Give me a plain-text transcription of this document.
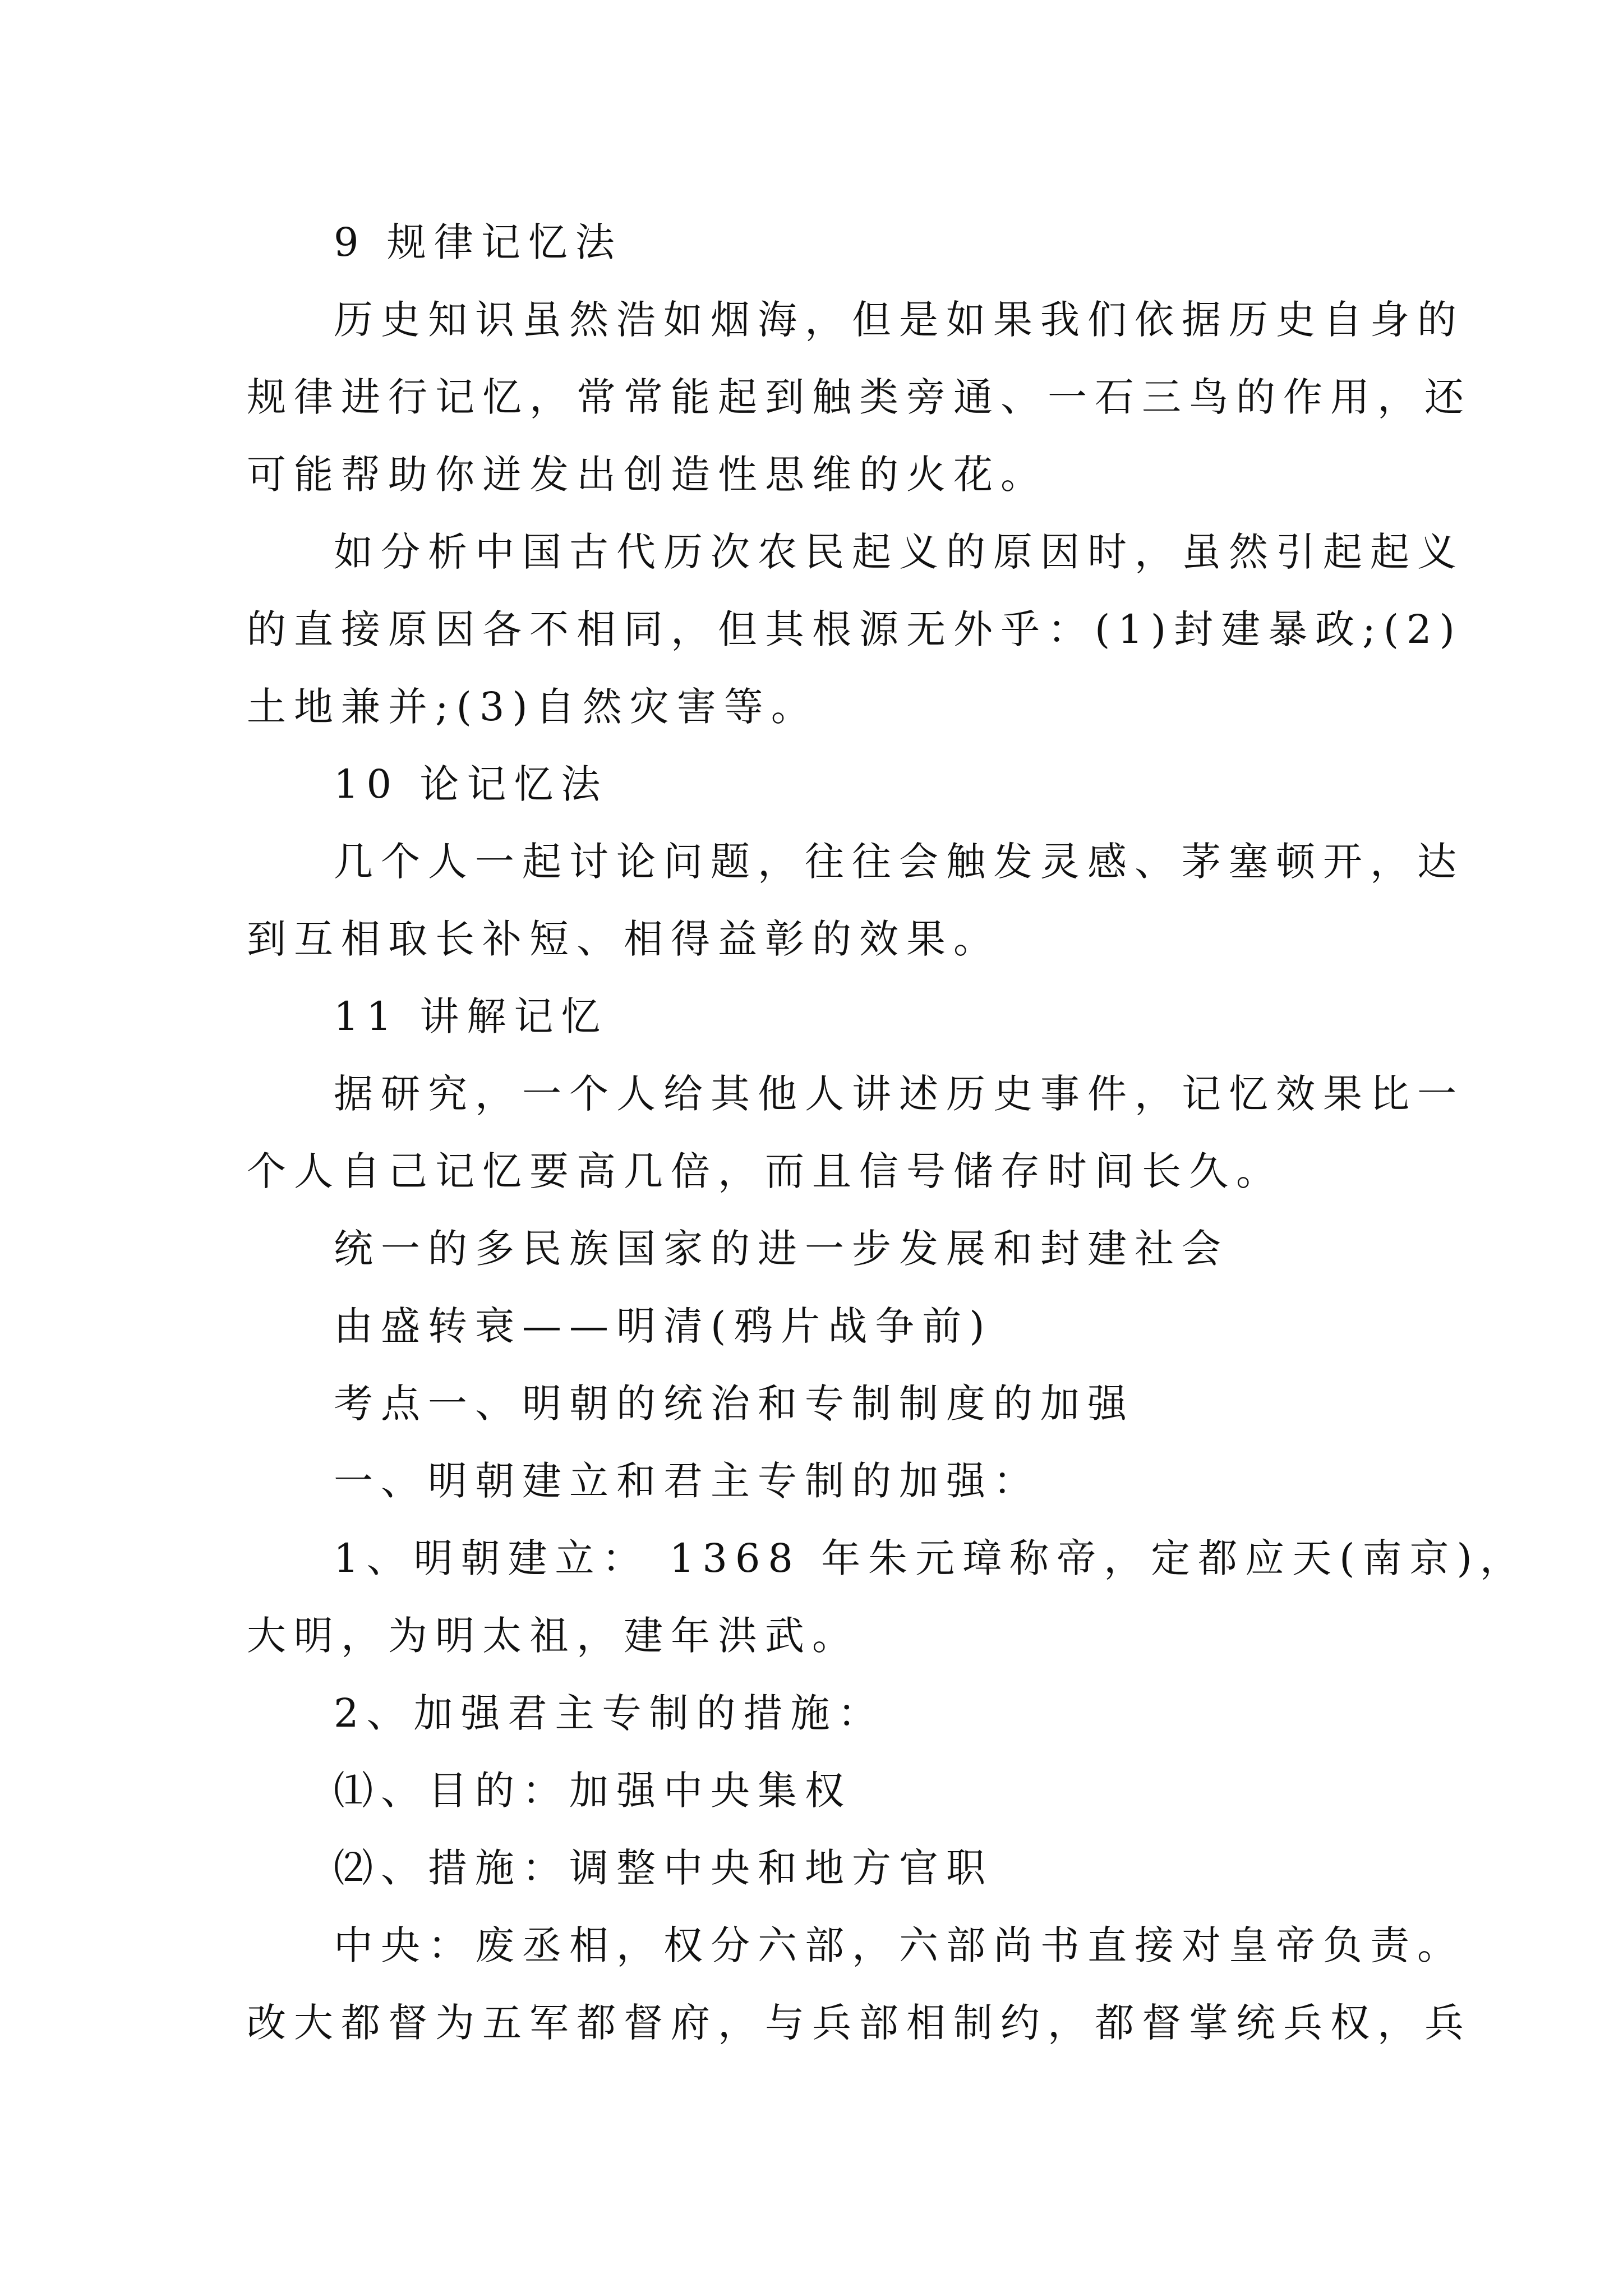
9 规律记忆法
历史知识虽然浩如烟海，但是如果我们依据历史自身的
规律进行记忆，常常能起到触类旁通、一石三鸟的作用，还
可能帮助你迸发出创造性思维的火花。
如分析中国古代历次农民起义的原因时，虽然引起起义
的直接原因各不相同，但其根源无外乎：(1)封建暴政;(2)
土地兼并;(3)自然灾害等。
10 论记忆法
几个人一起讨论问题，往往会触发灵感、茅塞顿开，达
到互相取长补短、相得益彰的效果。
11 讲解记忆
据研究，一个人给其他人讲述历史事件，记忆效果比一
个人自己记忆要高几倍，而且信号储存时间长久。
统一的多民族国家的进一步发展和封建社会
由盛转衰——明清(鸦片战争前)
考点一、明朝的统治和专制制度的加强
一、明朝建立和君主专制的加强：
1、明朝建立： 1368 年朱元璋称帝，定都应天(南京)，
大明，为明太祖，建年洪武。
2、加强君主专制的措施：
⑴、目的：加强中央集权
⑵、措施：调整中央和地方官职
中央：废丞相，权分六部，六部尚书直接对皇帝负责。
改大都督为五军都督府，与兵部相制约，都督掌统兵权，兵
